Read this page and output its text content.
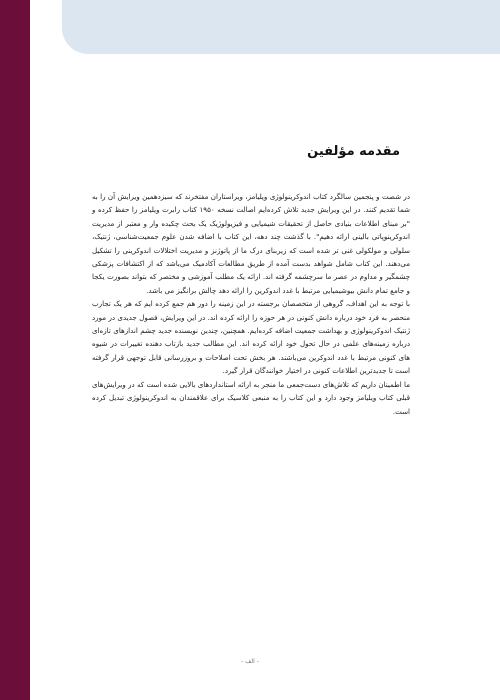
مقدمه مؤلفین

در شصت و پنجمین سالگرد کتاب اندوکرینولوژی ویلیامز، ویراستاران مفتخرند که سیزدهمین ویرایش آن را به شما تقدیم کنند. در این ویرایش جدید تلاش کرده‌ایم اصالت نسخه ۱۹۵۰ کتاب رابرت ویلیامز را حفظ کرده و "بر مبنای اطلاعات بنیادی حاصل از تحقیقات شیمیایی و فیزیولوژیک یک بحث چکیده وار و معتبر از مدیریت اندوکرینوپاتی بالینی ارائه دهیم". با گذشت چند دهه، این کتاب با اضافه شدن علوم جمعیت‌شناسی، ژنتیک، سلولی و مولکولی غنی تر شده است که زیربنای درک ما از پاتوژنز و مدیریت اختلالات اندوکرینی را تشکیل می‌دهند. این کتاب شامل شواهد بدست آمده از طریق مطالعات آکادمیک می‌باشد که از اکتشافات پزشکی چشمگیر و مداوم در عصر ما سرچشمه گرفته اند. ارائه یک مطلب آموزشی و مختصر که بتواند بصورت یکجا و جامع تمام دانش بیوشیمیایی مرتبط با غدد اندوکرین را ارائه دهد چالش برانگیز می باشد.

با توجه به این اهداف، گروهی از متخصصان برجسته در این زمینه را دور هم جمع کرده ایم که هر یک تجارب منحصر به فرد خود درباره دانش کنونی در هر حوزه را ارائه کرده اند. در این ویرایش، فصول جدیدی در مورد ژنتیک اندوکرینولوژی و بهداشت جمعیت اضافه کرده‌ایم. همچنین، چندین نویسنده جدید چشم اندازهای تازه‌ای درباره زمینه‌های علمی در حال تحول خود ارائه کرده اند. این مطالب جدید بازتاب دهنده تغییرات در شیوه های کنونی مرتبط با غدد اندوکرین می‌باشند. هر بخش تحت اصلاحات و بروزرسانی قابل توجهی قرار گرفته است تا جدیدترین اطلاعات کنونی در اختیار خوانندگان قرار گیرد.

ما اطمینان داریم که تلاش‌های دست‌جمعی ما منجر به ارائه استانداردهای بالایی شده است که در ویرایش‌های قبلی کتاب ویلیامز وجود دارد و این کتاب را به منبعی کلاسیک برای علاقمندان به اندوکرینولوژی تبدیل کرده است.

- الف -
